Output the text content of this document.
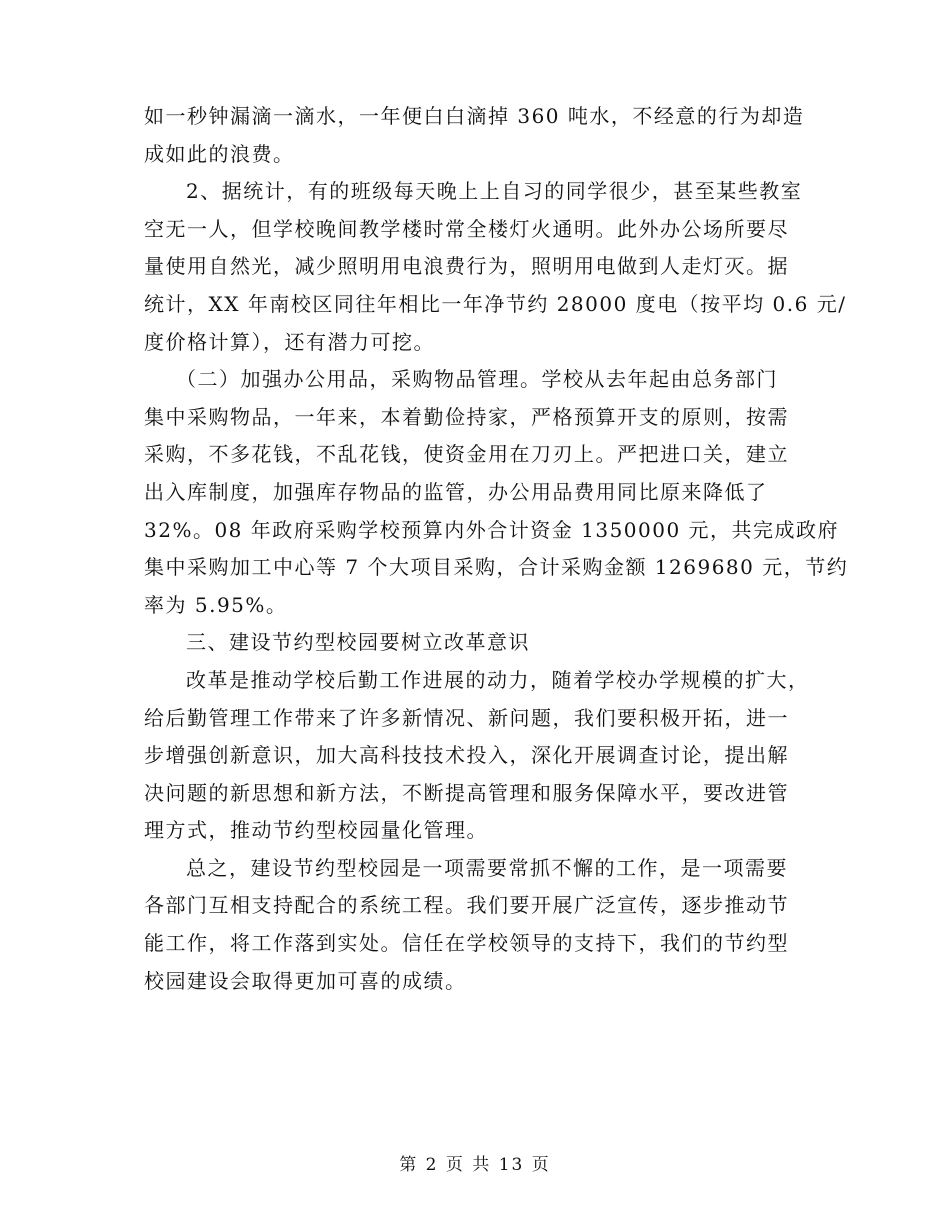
如一秒钟漏滴一滴水，一年便白白滴掉 360 吨水，不经意的行为却造
成如此的浪费。

2、据统计，有的班级每天晚上上自习的同学很少，甚至某些教室
空无一人，但学校晚间教学楼时常全楼灯火通明。此外办公场所要尽
量使用自然光，减少照明用电浪费行为，照明用电做到人走灯灭。据
统计，XX 年南校区同往年相比一年净节约 28000 度电（按平均 0.6 元/
度价格计算），还有潜力可挖。

（二）加强办公用品，采购物品管理。学校从去年起由总务部门
集中采购物品，一年来，本着勤俭持家，严格预算开支的原则，按需
采购，不多花钱，不乱花钱，使资金用在刀刃上。严把进口关，建立
出入库制度，加强库存物品的监管，办公用品费用同比原来降低了
32%。08 年政府采购学校预算内外合计资金 1350000 元，共完成政府
集中采购加工中心等 7 个大项目采购，合计采购金额 1269680 元，节约
率为 5.95%。

三、建设节约型校园要树立改革意识

改革是推动学校后勤工作进展的动力，随着学校办学规模的扩大，
给后勤管理工作带来了许多新情况、新问题，我们要积极开拓，进一
步增强创新意识，加大高科技技术投入，深化开展调查讨论，提出解
决问题的新思想和新方法，不断提高管理和服务保障水平，要改进管
理方式，推动节约型校园量化管理。

总之，建设节约型校园是一项需要常抓不懈的工作，是一项需要
各部门互相支持配合的系统工程。我们要开展广泛宣传，逐步推动节
能工作，将工作落到实处。信任在学校领导的支持下，我们的节约型
校园建设会取得更加可喜的成绩。

第 2 页 共 13 页
